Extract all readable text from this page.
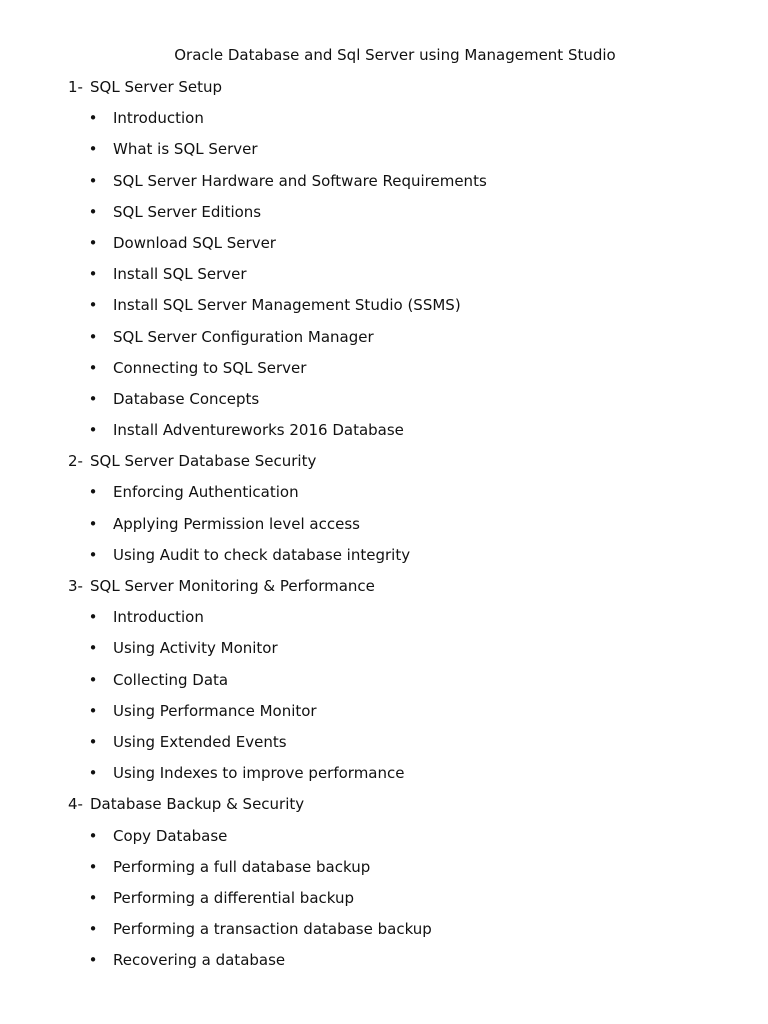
Oracle Database and Sql Server using Management Studio
1- SQL Server Setup
• Introduction
• What is SQL Server
• SQL Server Hardware and Software Requirements
• SQL Server Editions
• Download SQL Server
• Install SQL Server
• Install SQL Server Management Studio (SSMS)
• SQL Server Configuration Manager
• Connecting to SQL Server
• Database Concepts
• Install Adventureworks 2016 Database
2- SQL Server Database Security
• Enforcing Authentication
• Applying Permission level access
• Using Audit to check database integrity
3- SQL Server Monitoring & Performance
• Introduction
• Using Activity Monitor
• Collecting Data
• Using Performance Monitor
• Using Extended Events
• Using Indexes to improve performance
4- Database Backup & Security
• Copy Database
• Performing a full database backup
• Performing a differential backup
• Performing a transaction database backup
• Recovering a database
